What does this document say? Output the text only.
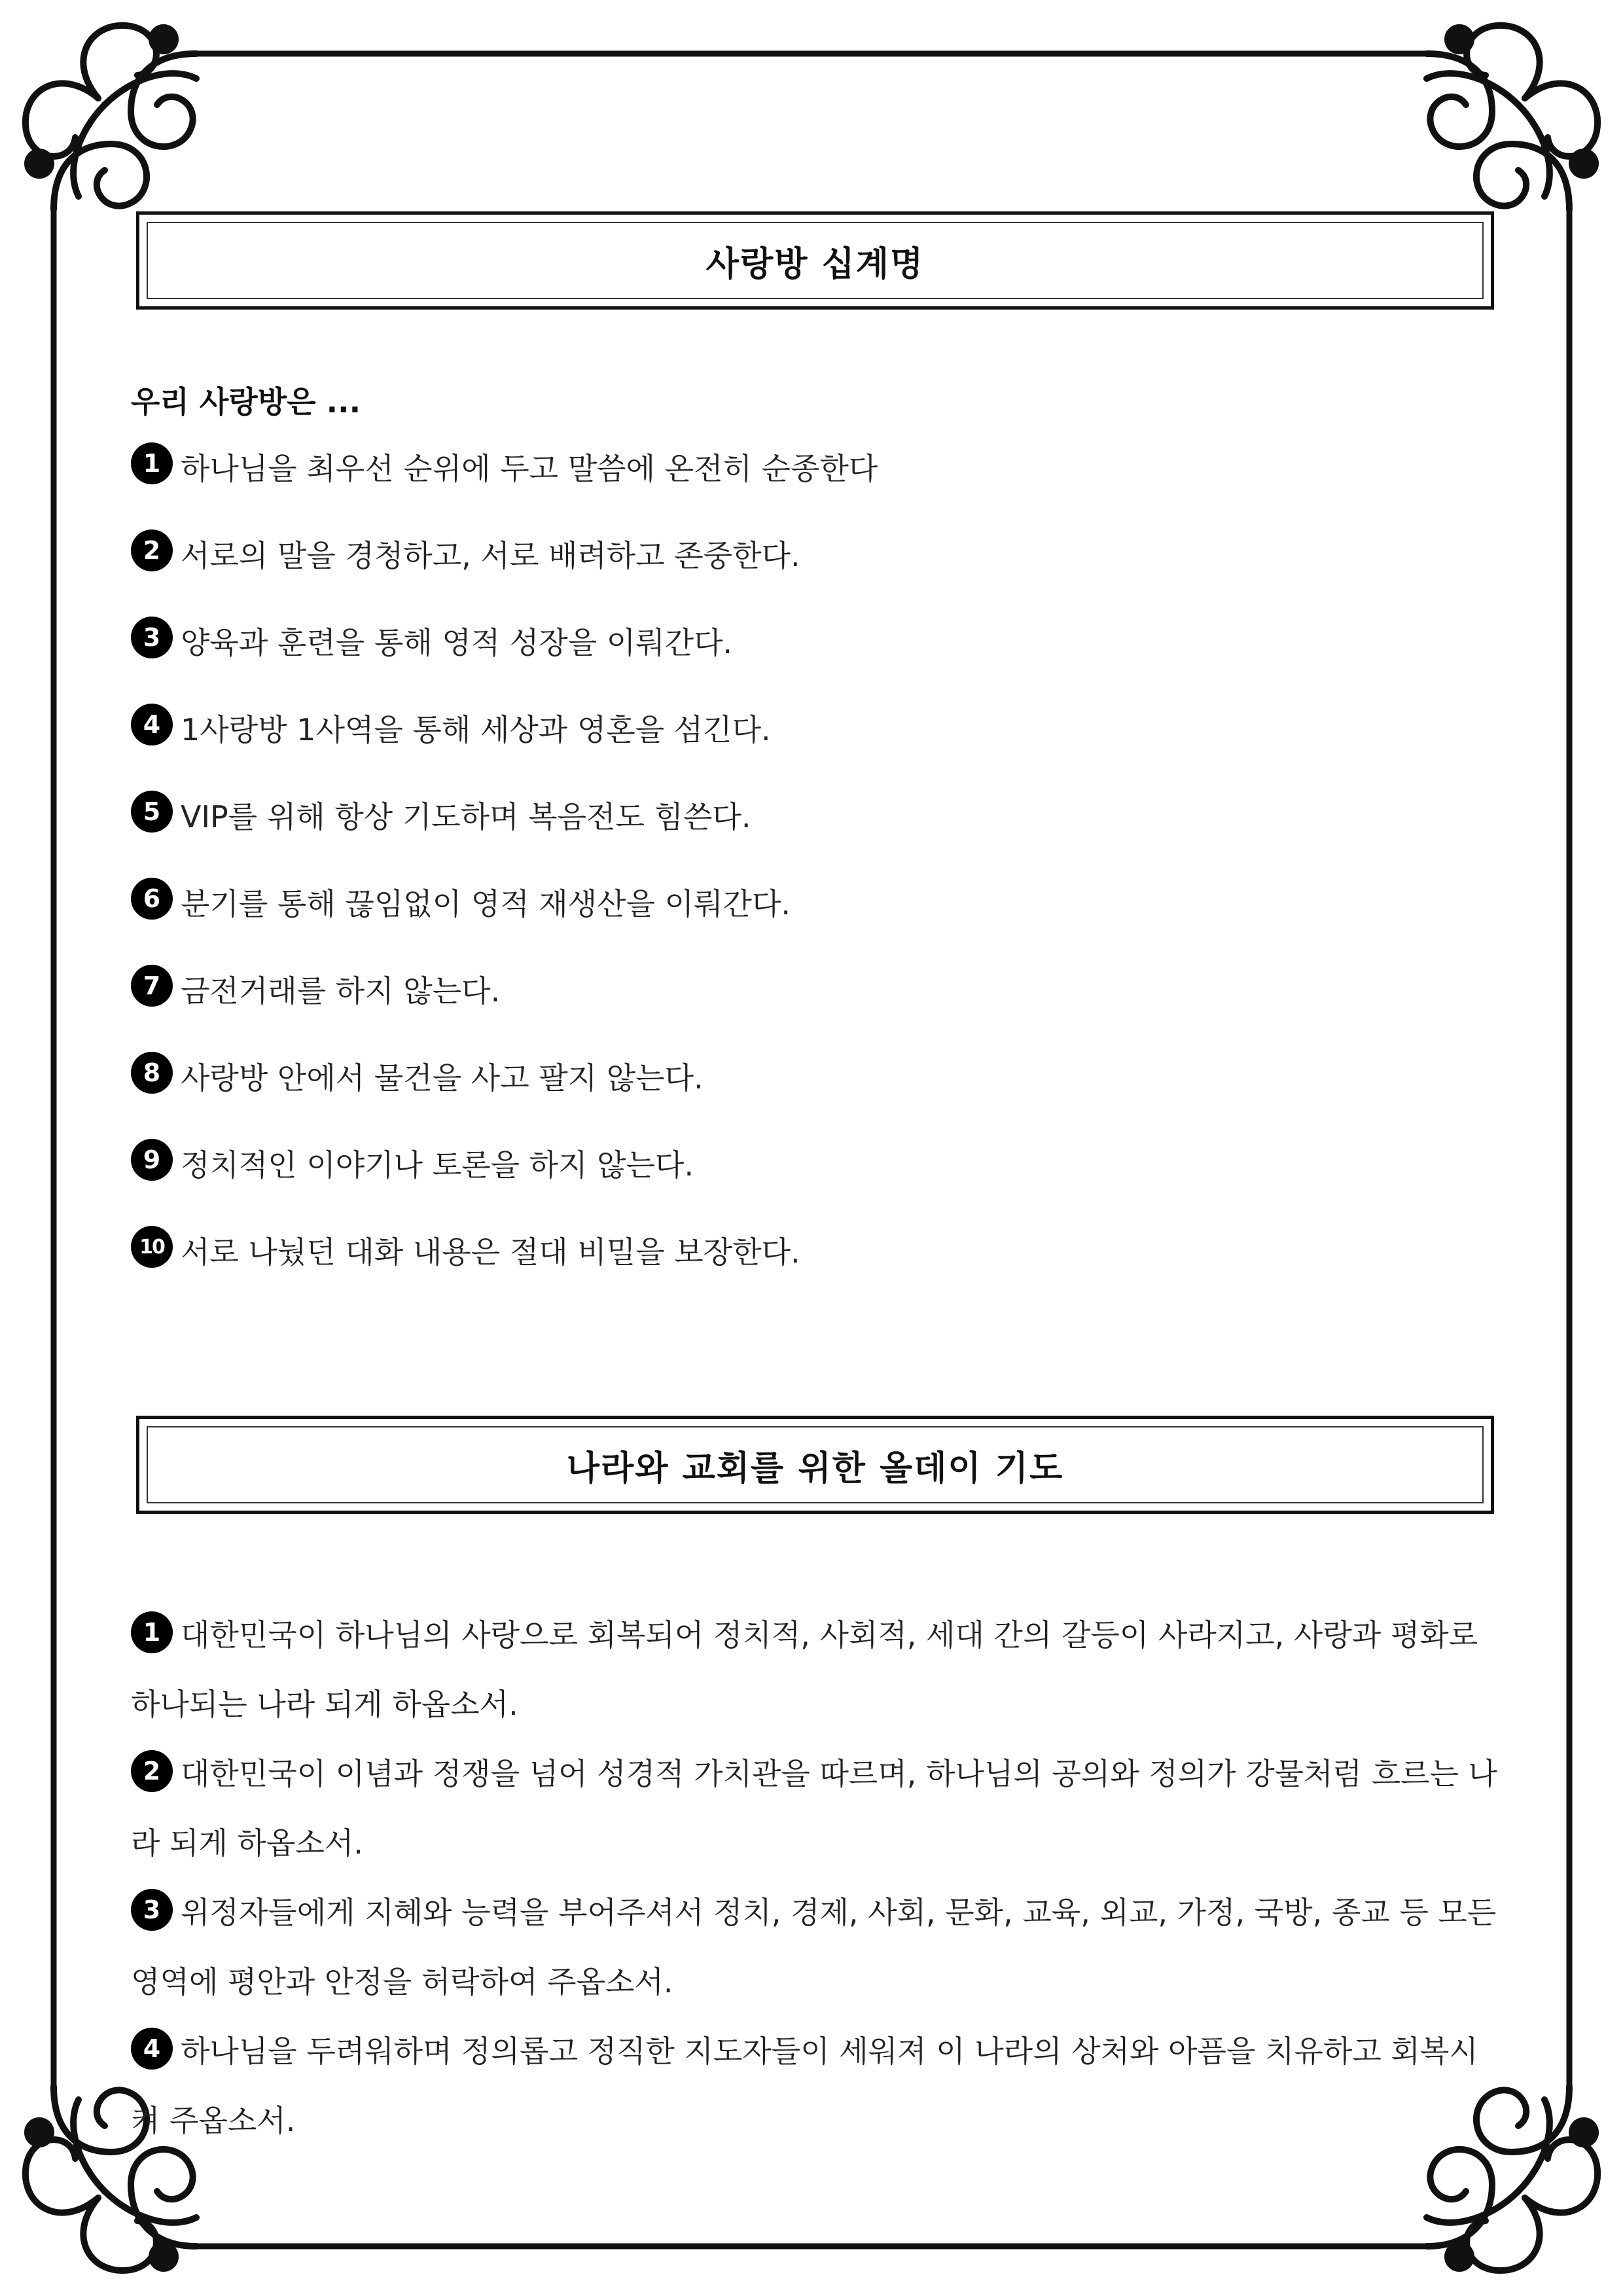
사랑방 십계명
우리 사랑방은 ...
1 하나님을 최우선 순위에 두고 말씀에 온전히 순종한다
2 서로의 말을 경청하고, 서로 배려하고 존중한다.
3 양육과 훈련을 통해 영적 성장을 이뤄간다.
4 1사랑방 1사역을 통해 세상과 영혼을 섬긴다.
5 VIP를 위해 항상 기도하며 복음전도 힘쓴다.
6 분기를 통해 끊임없이 영적 재생산을 이뤄간다.
7 금전거래를 하지 않는다.
8 사랑방 안에서 물건을 사고 팔지 않는다.
9 정치적인 이야기나 토론을 하지 않는다.
10 서로 나눴던 대화 내용은 절대 비밀을 보장한다.
나라와 교회를 위한 올데이 기도
1 대한민국이 하나님의 사랑으로 회복되어 정치적, 사회적, 세대 간의 갈등이 사라지고, 사랑과 평화로 하나되는 나라 되게 하옵소서.
2 대한민국이 이념과 정쟁을 넘어 성경적 가치관을 따르며, 하나님의 공의와 정의가 강물처럼 흐르는 나라 되게 하옵소서.
3 위정자들에게 지혜와 능력을 부어주셔서 정치, 경제, 사회, 문화, 교육, 외교, 가정, 국방, 종교 등 모든 영역에 평안과 안정을 허락하여 주옵소서.
4 하나님을 두려워하며 정의롭고 정직한 지도자들이 세워져 이 나라의 상처와 아픔을 치유하고 회복시켜 주옵소서.
